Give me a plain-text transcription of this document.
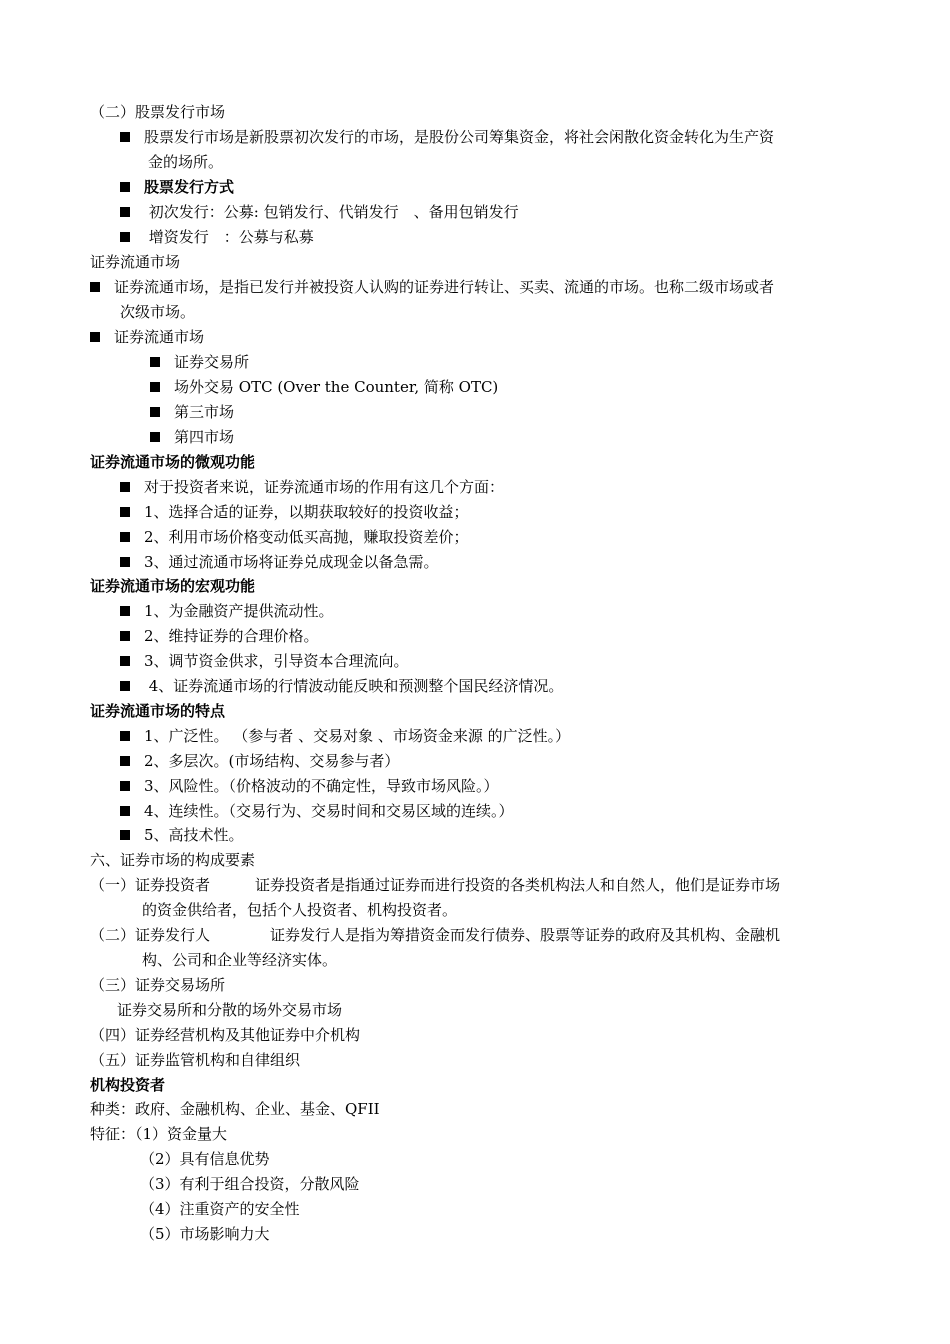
（二）股票发行市场
股票发行市场是新股票初次发行的市场，是股份公司筹集资金，将社会闲散化资金转化为生产资
金的场所。
股票发行方式
初次发行：公募: 包销发行、代销发行　、备用包销发行
增资发行　：公募与私募
证券流通市场
证券流通市场，是指已发行并被投资人认购的证券进行转让、买卖、流通的市场。也称二级市场或者
次级市场。
证券流通市场
证券交易所
场外交易 OTC (Over the Counter, 简称 OTC)
第三市场
第四市场
证券流通市场的微观功能
对于投资者来说，证券流通市场的作用有这几个方面：
1、选择合适的证券，以期获取较好的投资收益；
2、利用市场价格变动低买高抛，赚取投资差价；
3、通过流通市场将证券兑成现金以备急需。
证券流通市场的宏观功能
1、为金融资产提供流动性。
2、维持证券的合理价格。
3、调节资金供求，引导资本合理流向。
4、证券流通市场的行情波动能反映和预测整个国民经济情况。
证券流通市场的特点
1、广泛性。 （参与者 、交易对象 、市场资金来源 的广泛性。）
2、多层次。(市场结构、交易参与者）
3、风险性。（价格波动的不确定性，导致市场风险。）
4、连续性。（交易行为、交易时间和交易区域的连续。）
5、高技术性。
六、证券市场的构成要素
（一）证券投资者　　　证券投资者是指通过证券而进行投资的各类机构法人和自然人，他们是证券市场
的资金供给者，包括个人投资者、机构投资者。
（二）证券发行人　　　　证券发行人是指为筹措资金而发行债券、股票等证券的政府及其机构、金融机
构、公司和企业等经济实体。
（三）证券交易场所
证券交易所和分散的场外交易市场
（四）证券经营机构及其他证券中介机构
（五）证券监管机构和自律组织
机构投资者
种类：政府、金融机构、企业、基金、QFII
特征：（1）资金量大
（2）具有信息优势
（3）有利于组合投资，分散风险
（4）注重资产的安全性
（5）市场影响力大
